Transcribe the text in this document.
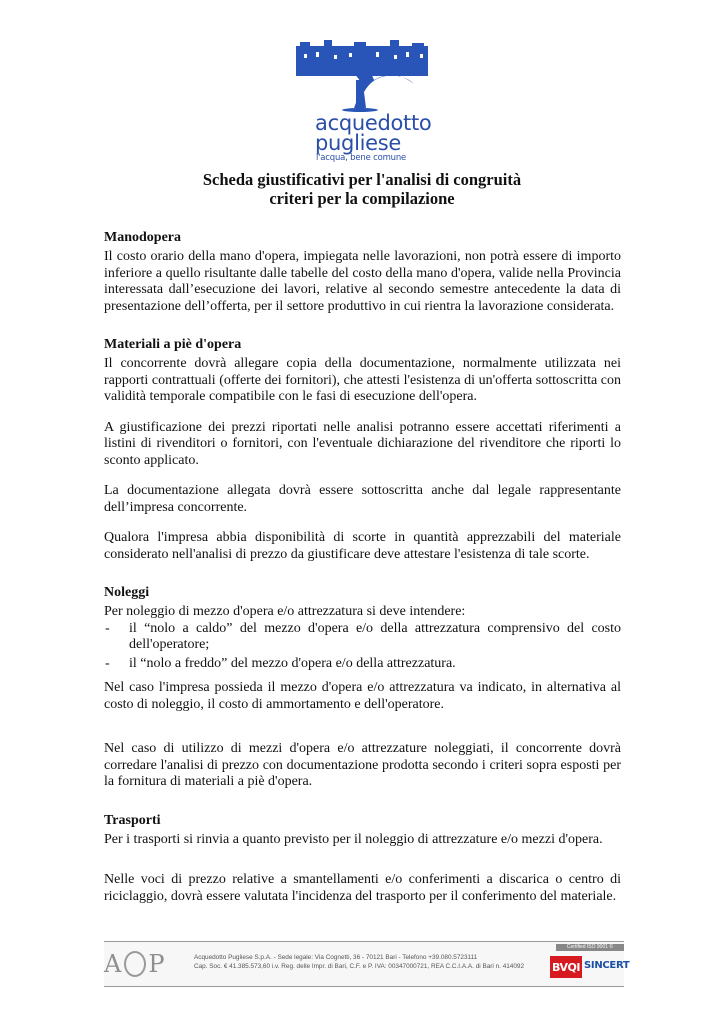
acquedotto
pugliese
l'acqua, bene comune
Scheda giustificativi per l'analisi di congruità
criteri per la compilazione
Manodopera

Il costo orario della mano d'opera, impiegata nelle lavorazioni, non potrà essere di importo inferiore a quello risultante dalle tabelle del costo della mano d'opera, valide nella Provincia interessata dall’esecuzione dei lavori, relative al secondo semestre antecedente la data di presentazione dell’offerta, per il settore produttivo in cui rientra la lavorazione considerata.

Materiali a piè d'opera

Il concorrente dovrà allegare copia della documentazione, normalmente utilizzata nei rapporti contrattuali (offerte dei fornitori), che attesti l'esistenza di un'offerta sottoscritta con validità temporale compatibile con le fasi di esecuzione dell'opera.

A giustificazione dei prezzi riportati nelle analisi potranno essere accettati riferimenti a listini di rivenditori o fornitori, con l'eventuale dichiarazione del rivenditore che riporti lo sconto applicato.

La documentazione allegata dovrà essere sottoscritta anche dal legale rappresentante dell’impresa concorrente.

Qualora l'impresa abbia disponibilità di scorte in quantità apprezzabili del materiale considerato nell'analisi di prezzo da giustificare deve attestare l'esistenza di tale scorte.

Noleggi

Per noleggio di mezzo d'opera e/o attrezzatura si deve intendere:

- il “nolo a caldo” del mezzo d'opera e/o della attrezzatura comprensivo del costo dell'operatore;
- il “nolo a freddo” del mezzo d'opera e/o della attrezzatura.

Nel caso l'impresa possieda il mezzo d'opera e/o attrezzatura va indicato, in alternativa al costo di noleggio, il costo di ammortamento e dell'operatore.

Nel caso di utilizzo di mezzi d'opera e/o attrezzature noleggiati, il concorrente dovrà corredare l'analisi di prezzo con documentazione prodotta secondo i criteri sopra esposti per la fornitura di materiali a piè d'opera.

Trasporti

Per i trasporti si rinvia a quanto previsto per il noleggio di attrezzature e/o mezzi d'opera.

Nelle voci di prezzo relative a smantellamenti e/o conferimenti a discarica o centro di riciclaggio, dovrà essere valutata l'incidenza del trasporto per il conferimento del materiale.

A P	Acquedotto Pugliese S.p.A. - Sede legale: Via Cognetti, 36 - 70121 Bari - Telefono +39.080.5723111
Cap. Soc. € 41.385.573,60 i.v. Reg. delle Impr. di Bari, C.F. e P. IVA: 00347000721, REA C.C.I.A.A. di Bari n. 414092
Certified ISO 9001 ©
BVQI SINCERT
